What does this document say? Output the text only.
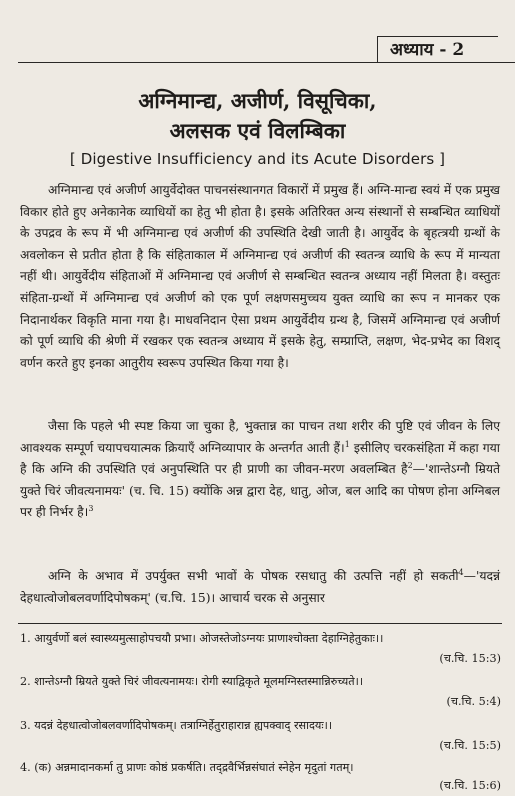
अध्याय - 2
अग्निमान्द्य, अजीर्ण, विसूचिका,
अलसक एवं विलम्बिका
[ Digestive Insufficiency and its Acute Disorders ]
अग्निमान्द्य एवं अजीर्ण आयुर्वेदोक्त पाचनसंस्थानगत विकारों में प्रमुख हैं। अग्नि-मान्द्य स्वयं में एक प्रमुख विकार होते हुए अनेकानेक व्याधियों का हेतु भी होता है। इसके अतिरिक्त अन्य संस्थानों से सम्बन्धित व्याधियों के उपद्रव के रूप में भी अग्निमान्द्य एवं अजीर्ण की उपस्थिति देखी जाती है। आयुर्वेद के बृहत्त्रयी ग्रन्थों के अवलोकन से प्रतीत होता है कि संहिताकाल में अग्निमान्द्य एवं अजीर्ण की स्वतन्त्र व्याधि के रूप में मान्यता नहीं थी। आयुर्वेदीय संहिताओं में अग्निमान्द्य एवं अजीर्ण से सम्बन्धित स्वतन्त्र अध्याय नहीं मिलता है। वस्तुतः संहिता-ग्रन्थों में अग्निमान्द्य एवं अजीर्ण को एक पूर्ण लक्षणसमुच्चय युक्त व्याधि का रूप न मानकर एक निदानार्थकर विकृति माना गया है। माधवनिदान ऐसा प्रथम आयुर्वेदीय ग्रन्थ है, जिसमें अग्निमान्द्य एवं अजीर्ण को पूर्ण व्याधि की श्रेणी में रखकर एक स्वतन्त्र अध्याय में इसके हेतु, सम्प्राप्ति, लक्षण, भेद-प्रभेद का विशद् वर्णन करते हुए इनका आतुरीय स्वरूप उपस्थित किया गया है।
जैसा कि पहले भी स्पष्ट किया जा चुका है, भुक्तान्न का पाचन तथा शरीर की पुष्टि एवं जीवन के लिए आवश्यक सम्पूर्ण चयापचयात्मक क्रियाएँ अग्निव्यापार के अन्तर्गत आती हैं।$^1$ इसीलिए चरकसंहिता में कहा गया है कि अग्नि की उपस्थिति एवं अनुपस्थिति पर ही प्राणी का जीवन-मरण अवलम्बित है$^2$—'शान्तेऽग्नौ म्रियते युक्ते चिरं जीवत्यनामयः' (च. चि. 15) क्योंकि अन्न द्वारा देह, धातु, ओज, बल आदि का पोषण होना अग्निबल पर ही निर्भर है।$^3$
अग्नि के अभाव में उपर्युक्त सभी भावों के पोषक रसधातु की उत्पत्ति नहीं हो सकती$^4$—'यदन्नं देहधात्वोजोबलवर्णादिपोषकम्' (च.चि. 15)। आचार्य चरक से अनुसार
1. आयुर्वर्णो बलं स्वास्थ्यमुत्साहोपचयौ प्रभा। ओजस्तेजोऽग्नयः प्राणाश्चोक्ता देहाग्निहेतुकाः।।
(च.चि. 15:3)
2. शान्तेऽग्नौ म्रियते युक्ते चिरं जीवत्यनामयः। रोगी स्याद्विकृते मूलमग्निस्तस्मान्निरुच्यते।।
(च.चि. 5:4)
3. यदन्नं देहधात्वोजोबलवर्णादिपोषकम्। तत्राग्निर्हेतुराहारान्न ह्यपक्वाद् रसादयः।।
(च.चि. 15:5)
4. (क) अन्नमादानकर्मा तु प्राणः कोष्ठं प्रकर्षति। तद्द्रवैर्भिन्नसंघातं स्नेहेन मृदुतां गतम्।
(च.चि. 15:6)
